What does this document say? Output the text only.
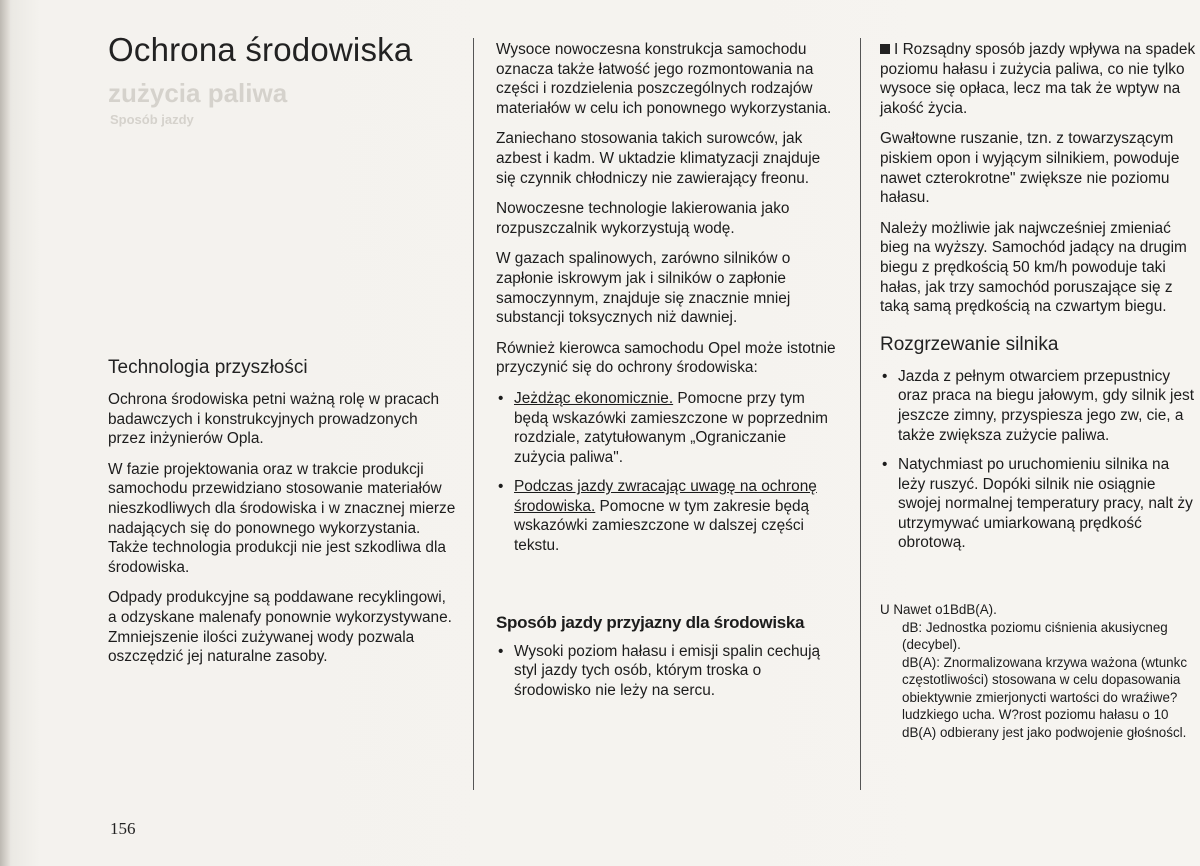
zużycia paliwa
Sposób jazdy
Ochrona środowiska
Technologia przyszłości

Ochrona środowiska petni ważną rolę w pracach badawczych i konstrukcyjnych prowadzonych przez inżynierów Opla.

W fazie projektowania oraz w trakcie produkcji samochodu przewidziano stosowanie materiałów nieszkodliwych dla środowiska i w znacznej mierze nadających się do ponownego wykorzystania. Także technologia produkcji nie jest szkodliwa dla środowiska.

Odpady produkcyjne są poddawane recyklingowi, a odzyskane malenafy ponownie wykorzystywane. Zmniejszenie ilości zużywanej wody pozwala oszczędzić jej naturalne zasoby.

Wysoce nowoczesna konstrukcja samochodu oznacza także łatwość jego rozmontowania na części i rozdzielenia poszczególnych rodzajów materiałów w celu ich ponownego wykorzystania.

Zaniechano stosowania takich surowców, jak azbest i kadm. W uktadzie klimatyzacji znajduje się czynnik chłodniczy nie zawierający freonu.

Nowoczesne technologie lakierowania jako rozpuszczalnik wykorzystują wodę.

W gazach spalinowych, zarówno silników o zapłonie iskrowym jak i silników o zapłonie samoczynnym, znajduje się znacznie mniej substancji toksycznych niż dawniej.

Również kierowca samochodu Opel może istotnie przyczynić się do ochrony środowiska:

• Jeżdżąc ekonomicznie. Pomocne przy tym będą wskazówki zamieszczone w poprzednim rozdziale, zatytułowanym „Ograniczanie zużycia paliwa".
• Podczas jazdy zwracając uwagę na ochronę środowiska. Pomocne w tym zakresie będą wskazówki zamieszczone w dalszej części tekstu.
Sposób jazdy przyjazny dla środowiska
• Wysoki poziom hałasu i emisji spalin cechują styl jazdy tych osób, którym troska o środowisko nie leży na sercu.

I Rozsądny sposób jazdy wpływa na spadek poziomu hałasu i zużycia paliwa, co nie tylko wysoce się opłaca, lecz ma tak że wptyw na jakość życia.

Gwałtowne ruszanie, tzn. z towarzyszącym piskiem opon i wyjącym silnikiem, powoduje nawet czterokrotne" zwiększe nie poziomu hałasu.

Należy możliwie jak najwcześniej zmieniać bieg na wyższy. Samochód jadący na drugim biegu z prędkością 50 km/h powoduje taki hałas, jak trzy samochód poruszające się z taką samą prędkością na czwartym biegu.

Rozgrzewanie silnika
• Jazda z pełnym otwarciem przepustnicy oraz praca na biegu jałowym, gdy silnik jest jeszcze zimny, przyspiesza jego zw, cie, a także zwiększa zużycie paliwa.
• Natychmiast po uruchomieniu silnika na leży ruszyć. Dopóki silnik nie osiągnie swojej normalnej temperatury pracy, nalt ży utrzymywać umiarkowaną prędkość obrotową.
U Nawet o1BdB(A).
dB: Jednostka poziomu ciśnienia akusiycneg (decybel).
dB(A): Znormalizowana krzywa ważona (wtunkc częstotliwości) stosowana w celu dopasowania obiektywnie zmierjonycti wartości do wraźiwe? ludzkiego ucha. W?rost poziomu hałasu o 10 dB(A) odbierany jest jako podwojenie głośnoścl.
156
